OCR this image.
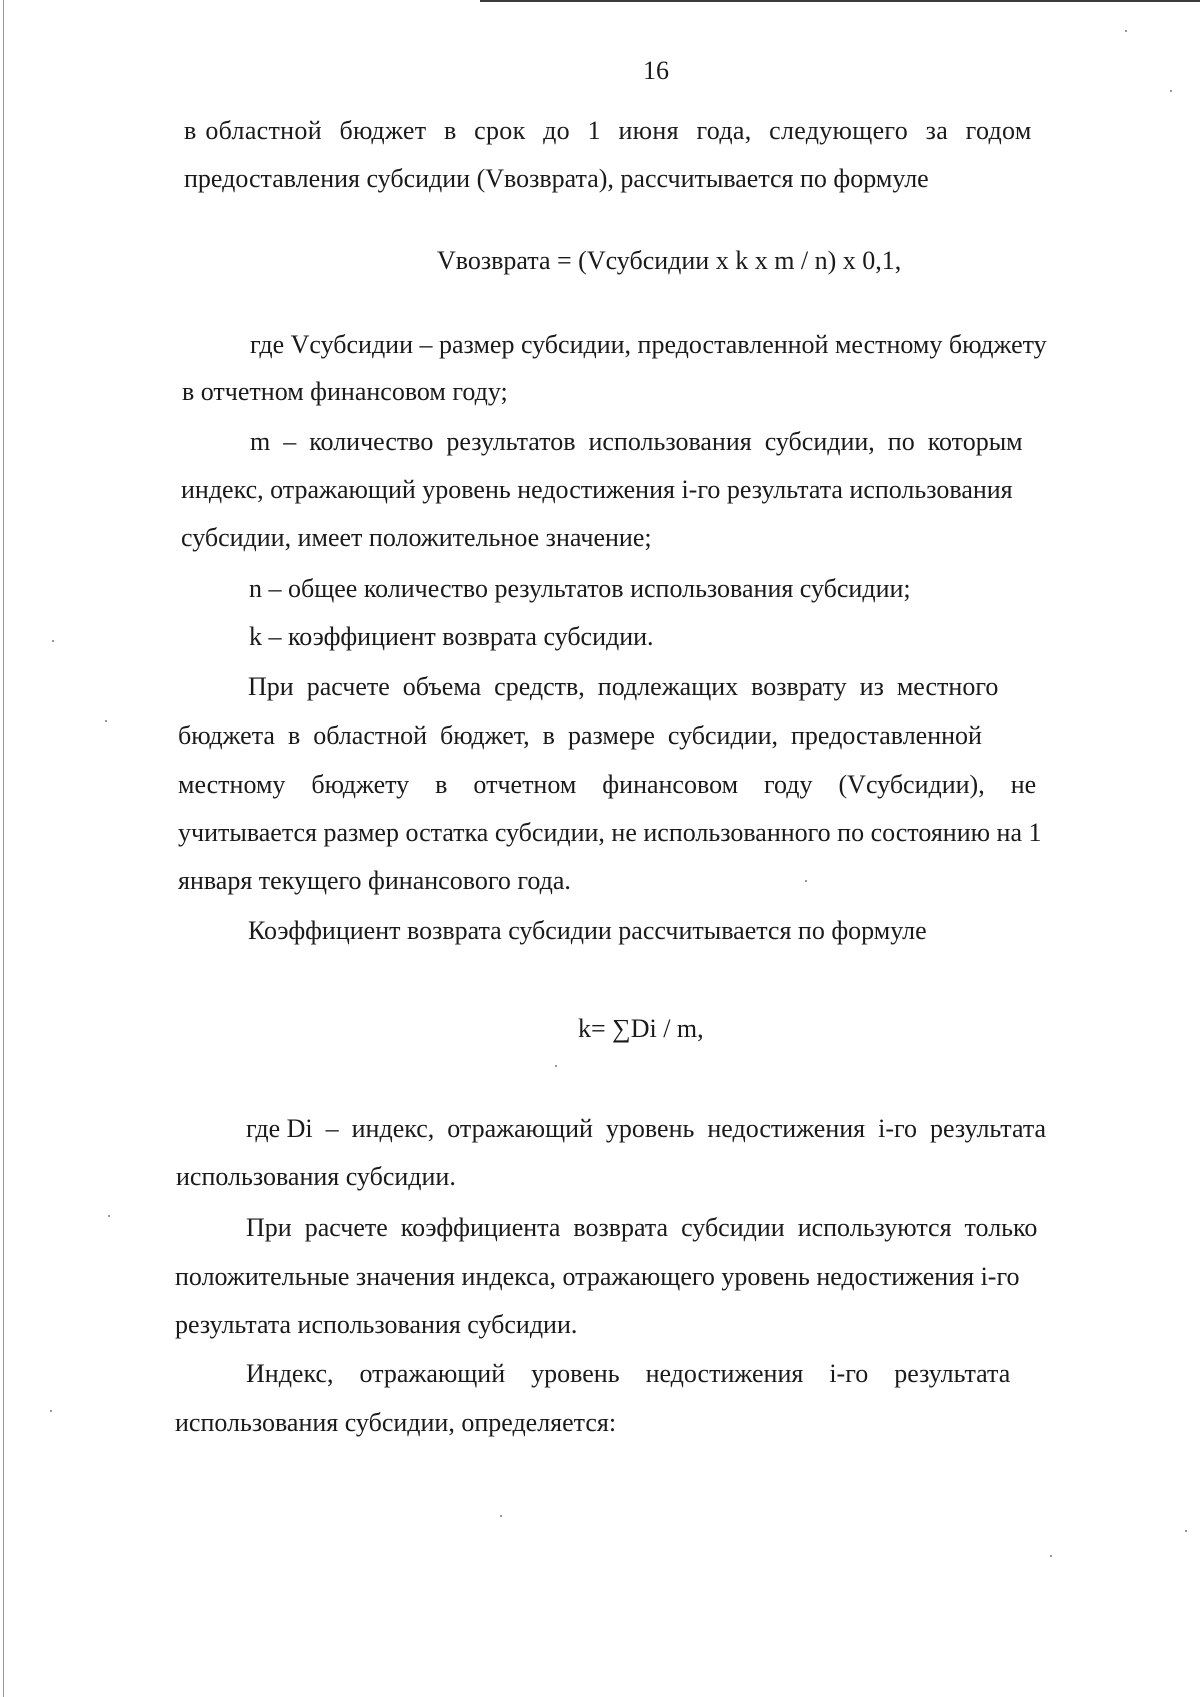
16
в областной  бюджет  в  срок  до  1  июня  года,  следующего  за  годом
предоставления субсидии (Vвозврата), рассчитывается по формуле
Vвозврата = (Vсубсидии x k x m / n) x 0,1,
где Vсубсидии – размер субсидии, предоставленной местному бюджету
в отчетном финансовом году;
m  –  количество  результатов  использования  субсидии,  по  которым
индекс, отражающий уровень недостижения i-го результата использования
субсидии, имеет положительное значение;
n – общее количество результатов использования субсидии;
k – коэффициент возврата субсидии.
При  расчете  объема  средств,  подлежащих  возврату  из  местного
бюджета  в  областной  бюджет,  в  размере  субсидии,  предоставленной
местному    бюджету    в    отчетном    финансовом    году    (Vсубсидии),    не
учитывается размер остатка субсидии, не использованного по состоянию на 1
января текущего финансового года.
Коэффициент возврата субсидии рассчитывается по формуле
k= ∑Di / m,
где Di  –  индекс,  отражающий  уровень  недостижения  i-го  результата
использования субсидии.
При  расчете  коэффициента  возврата  субсидии  используются  только
положительные значения индекса, отражающего уровень недостижения i-го
результата использования субсидии.
Индекс,    отражающий    уровень    недостижения    i-го    результата
использования субсидии, определяется:
